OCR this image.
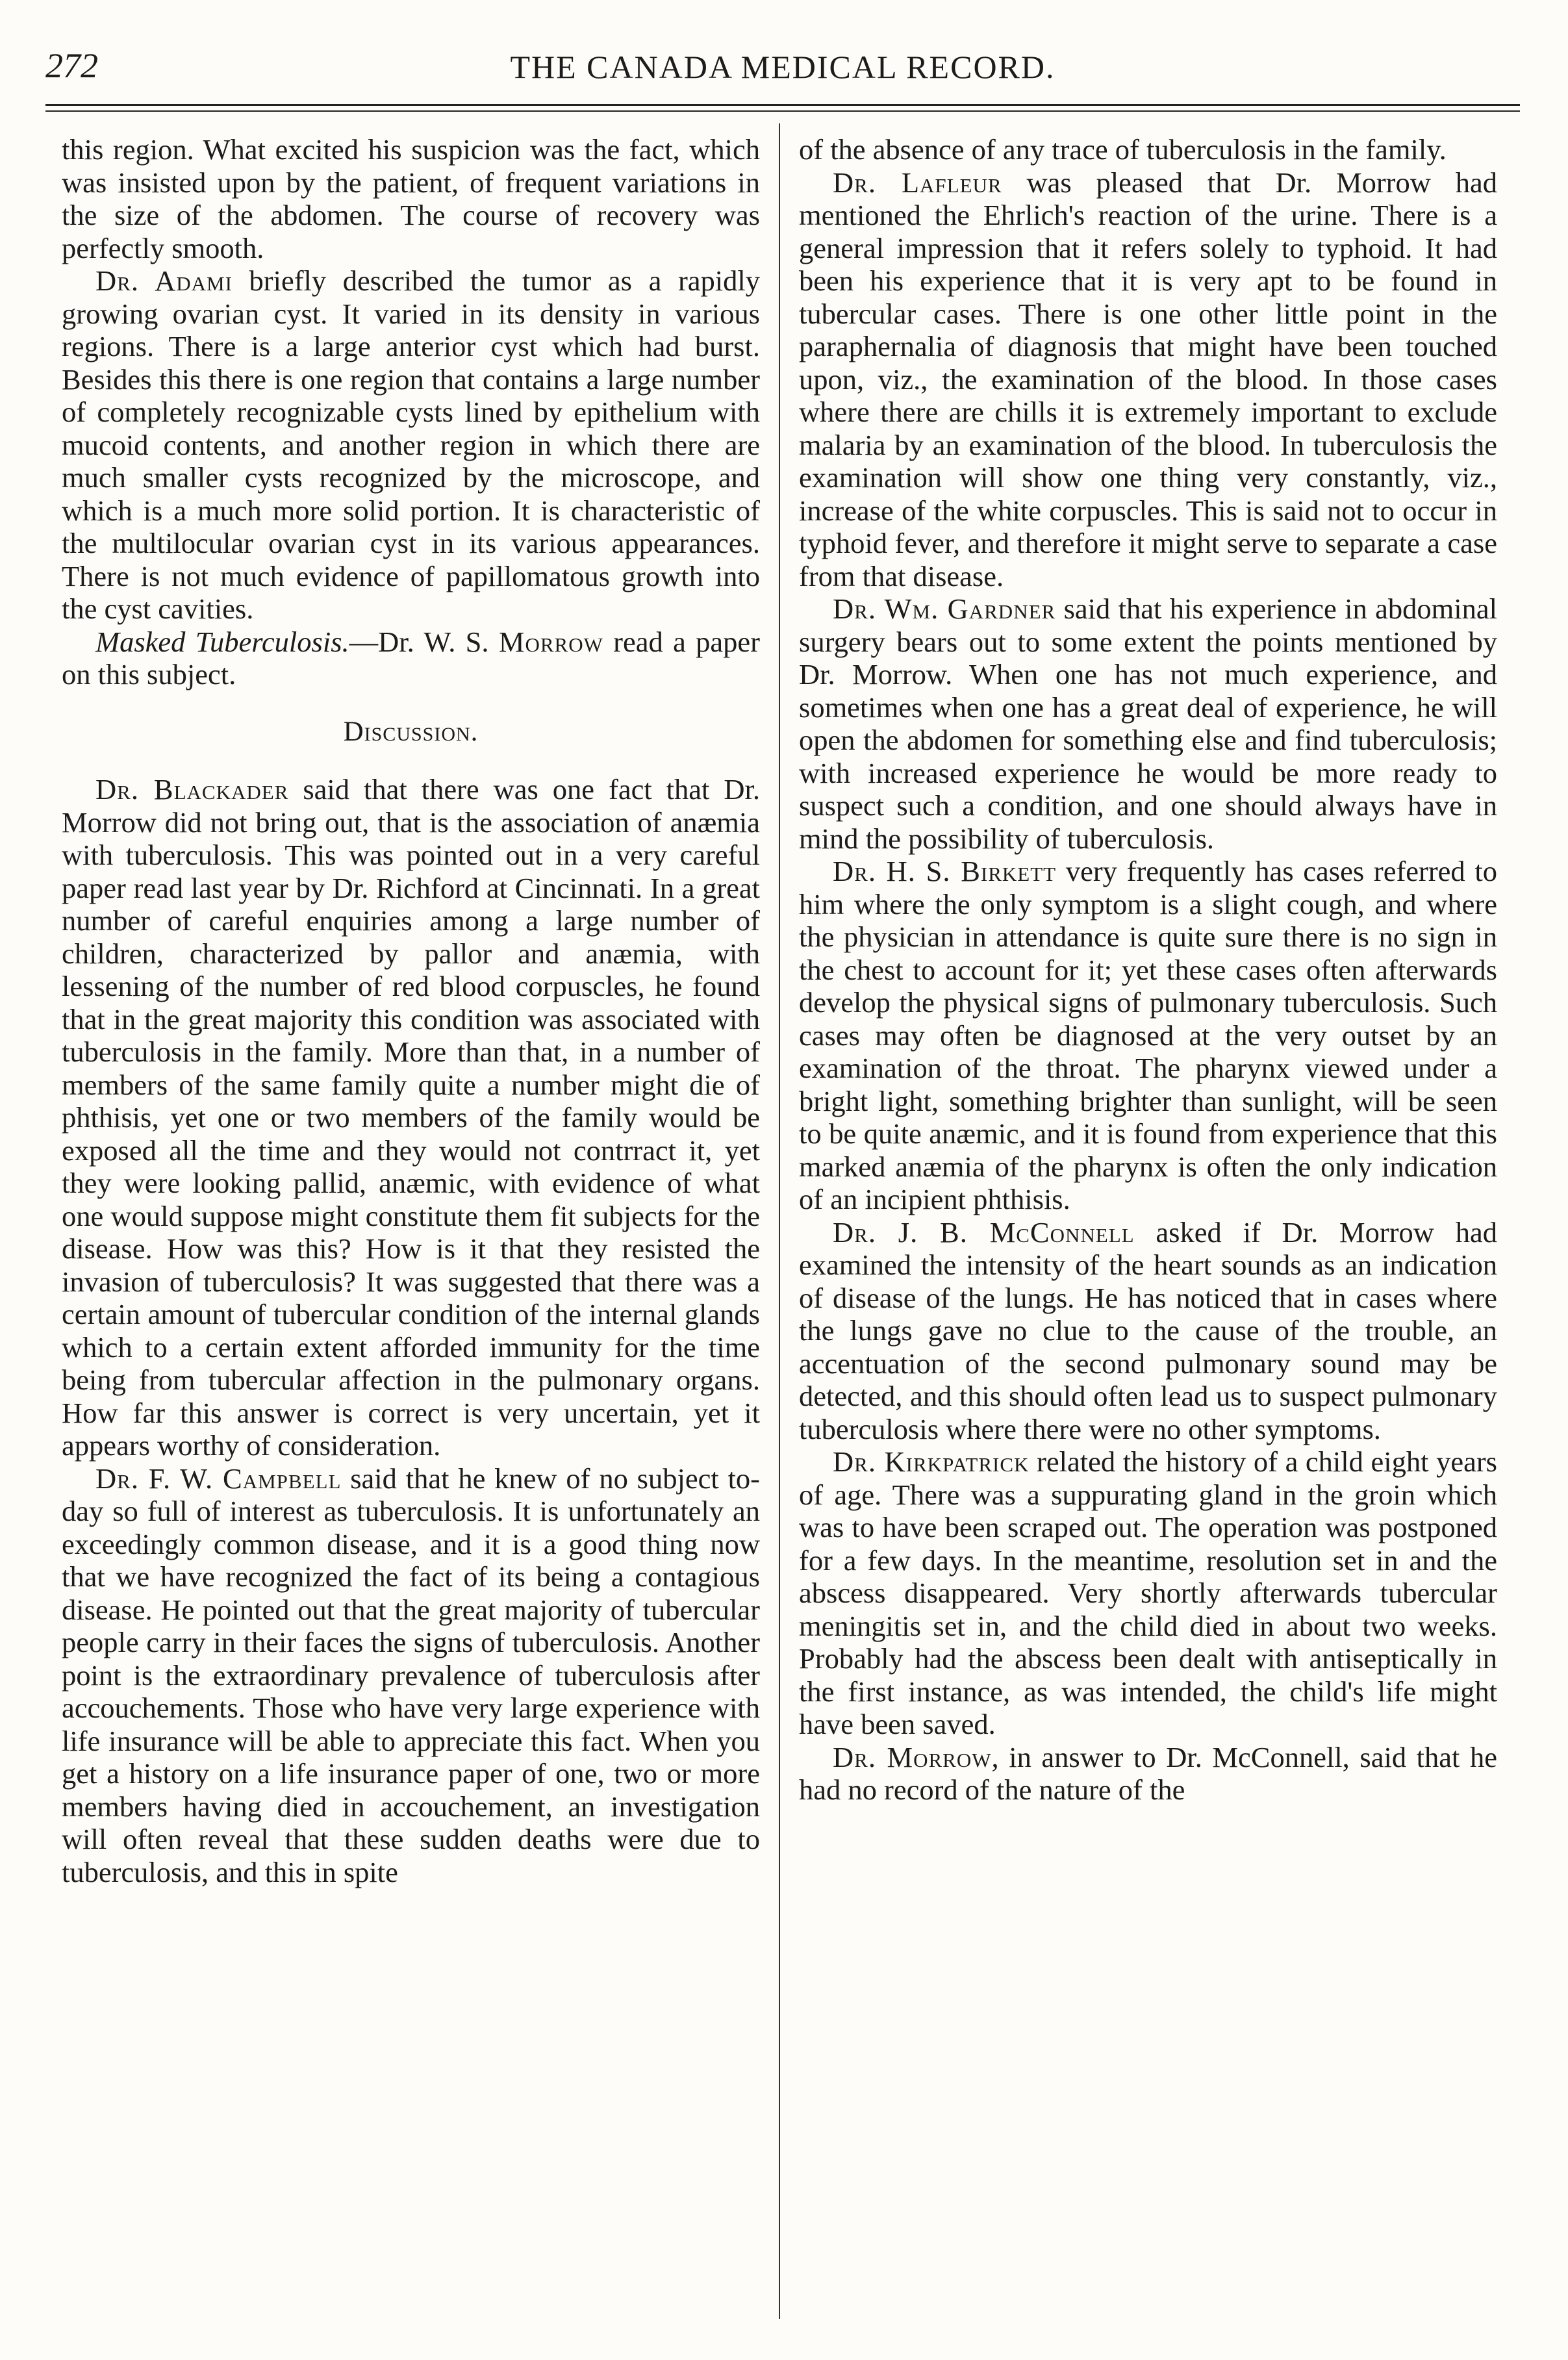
272	THE CANADA MEDICAL RECORD.

this region. What excited his suspicion was the fact, which was insisted upon by the patient, of frequent variations in the size of the abdomen. The course of recovery was perfectly smooth.

Dr. Adami briefly described the tumor as a rapidly growing ovarian cyst. It varied in its density in various regions. There is a large anterior cyst which had burst. Besides this there is one region that contains a large number of completely recognizable cysts lined by epithelium with mucoid contents, and another region in which there are much smaller cysts recognized by the microscope, and which is a much more solid portion. It is characteristic of the multilocular ovarian cyst in its various appearances. There is not much evidence of papillomatous growth into the cyst cavities.

Masked Tuberculosis.—Dr. W. S. Morrow read a paper on this subject.

Discussion.

Dr. Blackader said that there was one fact that Dr. Morrow did not bring out, that is the association of anæmia with tuberculosis. This was pointed out in a very careful paper read last year by Dr. Richford at Cincinnati. In a great number of careful enquiries among a large number of children, characterized by pallor and anæmia, with lessening of the number of red blood corpuscles, he found that in the great majority this condition was associated with tuberculosis in the family. More than that, in a number of members of the same family quite a number might die of phthisis, yet one or two members of the family would be exposed all the time and they would not contrract it, yet they were looking pallid, anæmic, with evidence of what one would suppose might constitute them fit subjects for the disease. How was this? How is it that they resisted the invasion of tuberculosis? It was suggested that there was a certain amount of tubercular condition of the internal glands which to a certain extent afforded immunity for the time being from tubercular affection in the pulmonary organs. How far this answer is correct is very uncertain, yet it appears worthy of consideration.

Dr. F. W. Campbell said that he knew of no subject to-day so full of interest as tuberculosis. It is unfortunately an exceedingly common disease, and it is a good thing now that we have recognized the fact of its being a contagious disease. He pointed out that the great majority of tubercular people carry in their faces the signs of tuberculosis. Another point is the extraordinary prevalence of tuberculosis after accouchements. Those who have very large experience with life insurance will be able to appreciate this fact. When you get a history on a life insurance paper of one, two or more members having died in accouchement, an investigation will often reveal that these sudden deaths were due to tuberculosis, and this in spite

of the absence of any trace of tuberculosis in the family.

Dr. Lafleur was pleased that Dr. Morrow had mentioned the Ehrlich's reaction of the urine. There is a general impression that it refers solely to typhoid. It had been his experience that it is very apt to be found in tubercular cases. There is one other little point in the paraphernalia of diagnosis that might have been touched upon, viz., the examination of the blood. In those cases where there are chills it is extremely important to exclude malaria by an examination of the blood. In tuberculosis the examination will show one thing very constantly, viz., increase of the white corpuscles. This is said not to occur in typhoid fever, and therefore it might serve to separate a case from that disease.

Dr. Wm. Gardner said that his experience in abdominal surgery bears out to some extent the points mentioned by Dr. Morrow. When one has not much experience, and sometimes when one has a great deal of experience, he will open the abdomen for something else and find tuberculosis; with increased experience he would be more ready to suspect such a condition, and one should always have in mind the possibility of tuberculosis.

Dr. H. S. Birkett very frequently has cases referred to him where the only symptom is a slight cough, and where the physician in attendance is quite sure there is no sign in the chest to account for it; yet these cases often afterwards develop the physical signs of pulmonary tuberculosis. Such cases may often be diagnosed at the very outset by an examination of the throat. The pharynx viewed under a bright light, something brighter than sunlight, will be seen to be quite anæmic, and it is found from experience that this marked anæmia of the pharynx is often the only indication of an incipient phthisis.

Dr. J. B. McConnell asked if Dr. Morrow had examined the intensity of the heart sounds as an indication of disease of the lungs. He has noticed that in cases where the lungs gave no clue to the cause of the trouble, an accentuation of the second pulmonary sound may be detected, and this should often lead us to suspect pulmonary tuberculosis where there were no other symptoms.

Dr. Kirkpatrick related the history of a child eight years of age. There was a suppurating gland in the groin which was to have been scraped out. The operation was postponed for a few days. In the meantime, resolution set in and the abscess disappeared. Very shortly afterwards tubercular meningitis set in, and the child died in about two weeks. Probably had the abscess been dealt with antiseptically in the first instance, as was intended, the child's life might have been saved.

Dr. Morrow, in answer to Dr. McConnell, said that he had no record of the nature of the
